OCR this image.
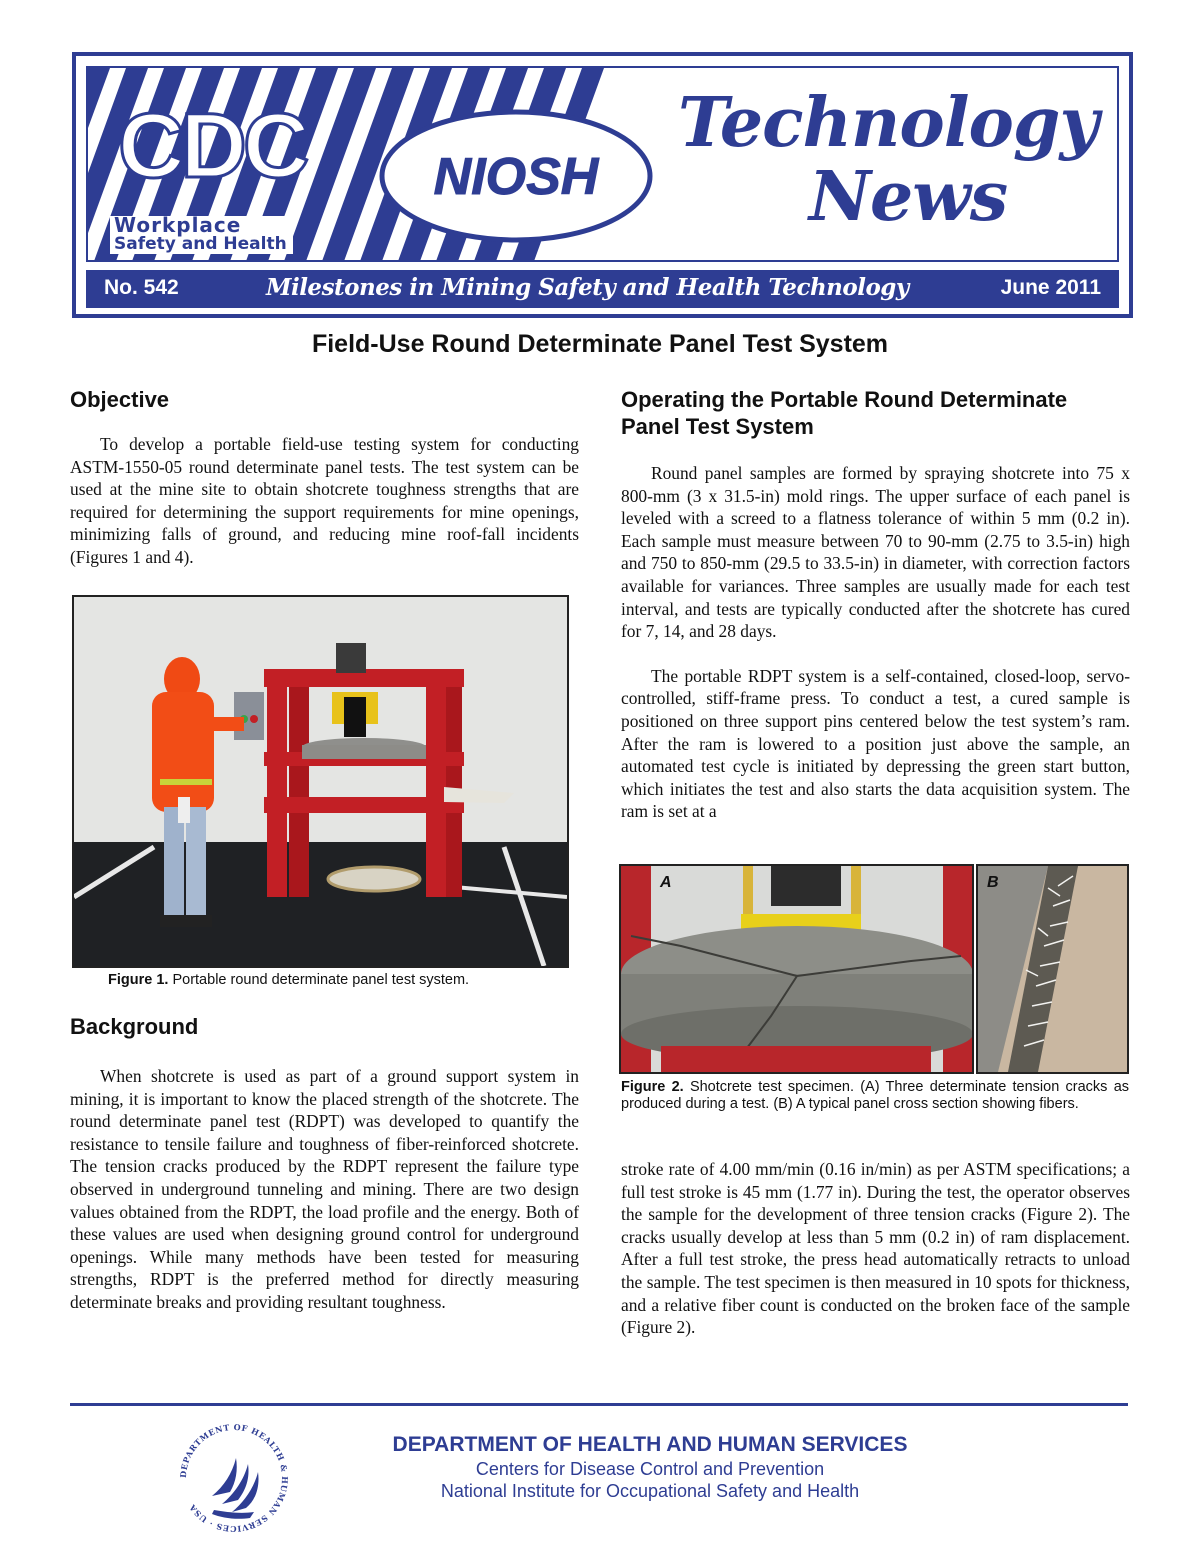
CDC
Workplace
Safety and Health
NIOSH
Technology
News
No. 542	Milestones in Mining Safety and Health Technology	June 2011
Field-Use Round Determinate Panel Test System
Objective

To develop a portable field-use testing system for conducting ASTM-1550-05 round determinate panel tests. The test system can be used at the mine site to obtain shotcrete toughness strengths that are required for determining the support requirements for mine openings, minimizing falls of ground, and reducing mine roof-fall incidents (Figures 1 and 4).

Figure 1. Portable round determinate panel test system.
Background

When shotcrete is used as part of a ground support system in mining, it is important to know the placed strength of the shotcrete. The round determinate panel test (RDPT) was developed to quantify the resistance to tensile failure and toughness of fiber-reinforced shotcrete. The tension cracks produced by the RDPT represent the failure type observed in underground tunneling and mining. There are two design values obtained from the RDPT, the load profile and the energy. Both of these values are used when designing ground control for underground openings. While many methods have been tested for measuring strengths, RDPT is the preferred method for directly measuring determinate breaks and providing resultant toughness.

Operating the Portable Round Determinate Panel Test System

Round panel samples are formed by spraying shotcrete into 75 x 800-mm (3 x 31.5-in) mold rings. The upper surface of each panel is leveled with a screed to a flatness tolerance of within 5 mm (0.2 in). Each sample must measure between 70 to 90-mm (2.75 to 3.5-in) high and 750 to 850-mm (29.5 to 33.5-in) in diameter, with correction factors available for variances. Three samples are usually made for each test interval, and tests are typically conducted after the shotcrete has cured for 7, 14, and 28 days.

The portable RDPT system is a self-contained, closed-loop, servo-controlled, stiff-frame press. To conduct a test, a cured sample is positioned on three support pins centered below the test system’s ram. After the ram is lowered to a position just above the sample, an automated test cycle is initiated by depressing the green start button, which initiates the test and also starts the data acquisition system. The ram is set at a

A	B
Figure 2. Shotcrete test specimen. (A) Three determinate tension cracks as produced during a test. (B) A typical panel cross section showing fibers.

stroke rate of 4.00 mm/min (0.16 in/min) as per ASTM specifications; a full test stroke is 45 mm (1.77 in). During the test, the operator observes the sample for the development of three tension cracks (Figure 2). The cracks usually develop at less than 5 mm (0.2 in) of ram displacement. After a full test stroke, the press head automatically retracts to unload the sample. The test specimen is then measured in 10 spots for thickness, and a relative fiber count is conducted on the broken face of the sample (Figure 2).

DEPARTMENT OF HEALTH & HUMAN SERVICES · USA
DEPARTMENT OF HEALTH AND HUMAN SERVICES
Centers for Disease Control and Prevention
National Institute for Occupational Safety and Health
